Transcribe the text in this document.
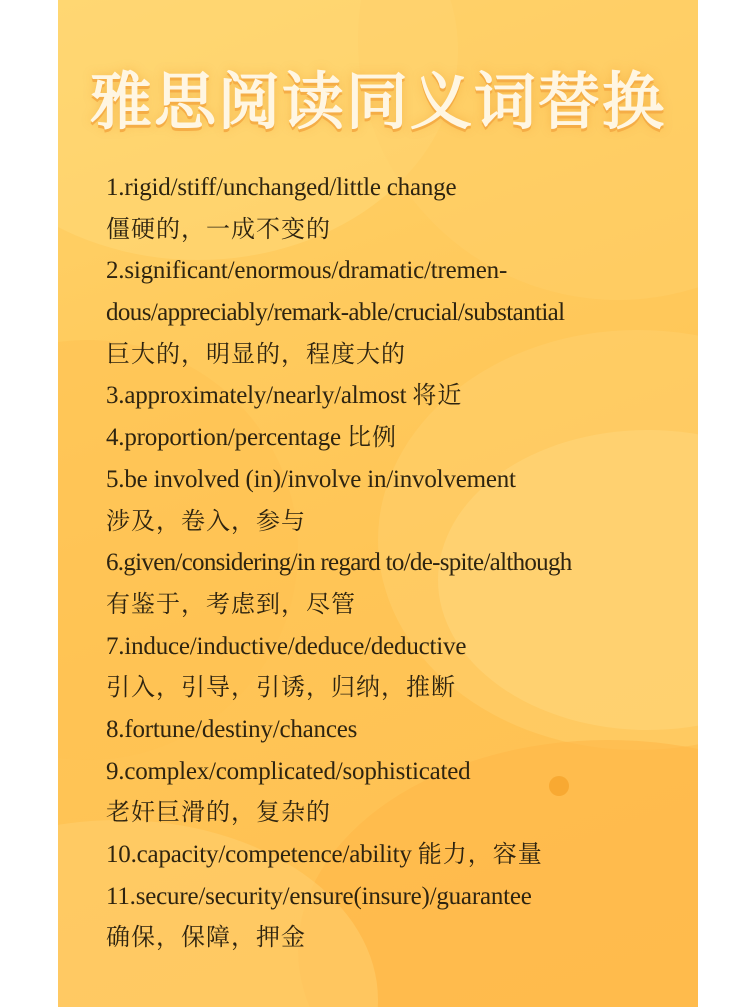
雅思阅读同义词替换
1.rigid/stiff/unchanged/little change
僵硬的，一成不变的
2.significant/enormous/dramatic/tremen-
dous/appreciably/remark-able/crucial/substantial
巨大的，明显的，程度大的
3.approximately/nearly/almost 将近
4.proportion/percentage 比例
5.be involved (in)/involve in/involvement
涉及，卷入，参与
6.given/considering/in regard to/de-spite/although
有鉴于，考虑到，尽管
7.induce/inductive/deduce/deductive
引入，引导，引诱，归纳，推断
8.fortune/destiny/chances
9.complex/complicated/sophisticated
老奸巨滑的，复杂的
10.capacity/competence/ability 能力，容量
11.secure/security/ensure(insure)/guarantee
确保，保障，押金
